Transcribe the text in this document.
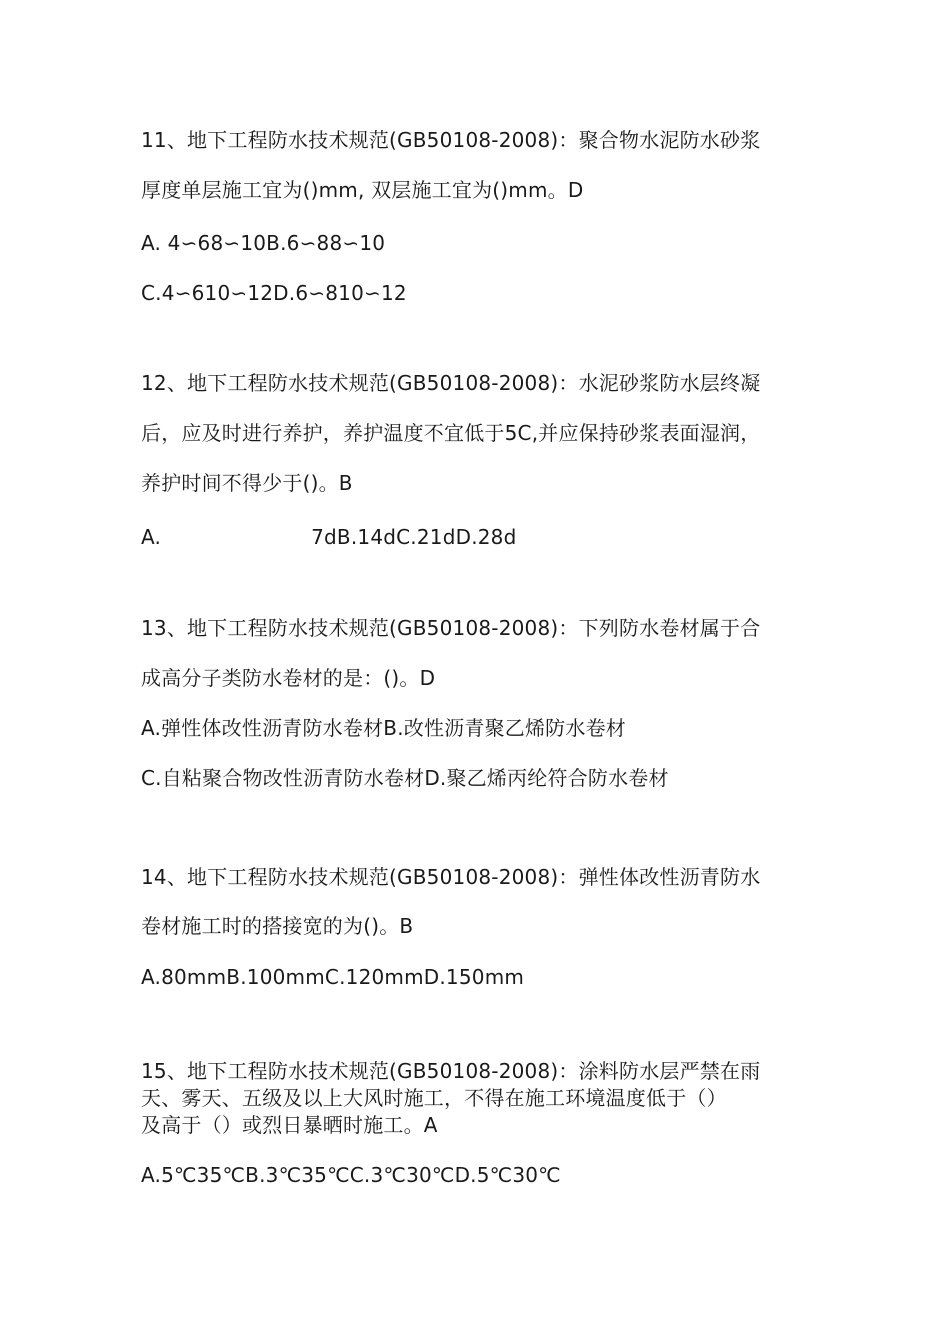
11、地下工程防水技术规范(GB50108-2008)：聚合物水泥防水砂浆
厚度单层施工宜为()mm, 双层施工宜为()mm。D
A. 4∽68∽10B.6∽88∽10
C.4∽610∽12D.6∽810∽12
12、地下工程防水技术规范(GB50108-2008)：水泥砂浆防水层终凝
后，应及时进行养护，养护温度不宜低于5C,并应保持砂浆表面湿润，
养护时间不得少于()。B
A.	7dB.14dC.21dD.28d
13、地下工程防水技术规范(GB50108-2008)：下列防水卷材属于合
成高分子类防水卷材的是：()。D
A.弹性体改性沥青防水卷材B.改性沥青聚乙烯防水卷材
C.自粘聚合物改性沥青防水卷材D.聚乙烯丙纶符合防水卷材
14、地下工程防水技术规范(GB50108-2008)：弹性体改性沥青防水
卷材施工时的搭接宽的为()。B
A.80mmB.100mmC.120mmD.150mm
15、地下工程防水技术规范(GB50108-2008)：涂料防水层严禁在雨
天、雾天、五级及以上大风时施工，不得在施工环境温度低于（）
及高于（）或烈日暴晒时施工。A
A.5℃35℃B.3℃35℃C.3℃30℃D.5℃30℃
